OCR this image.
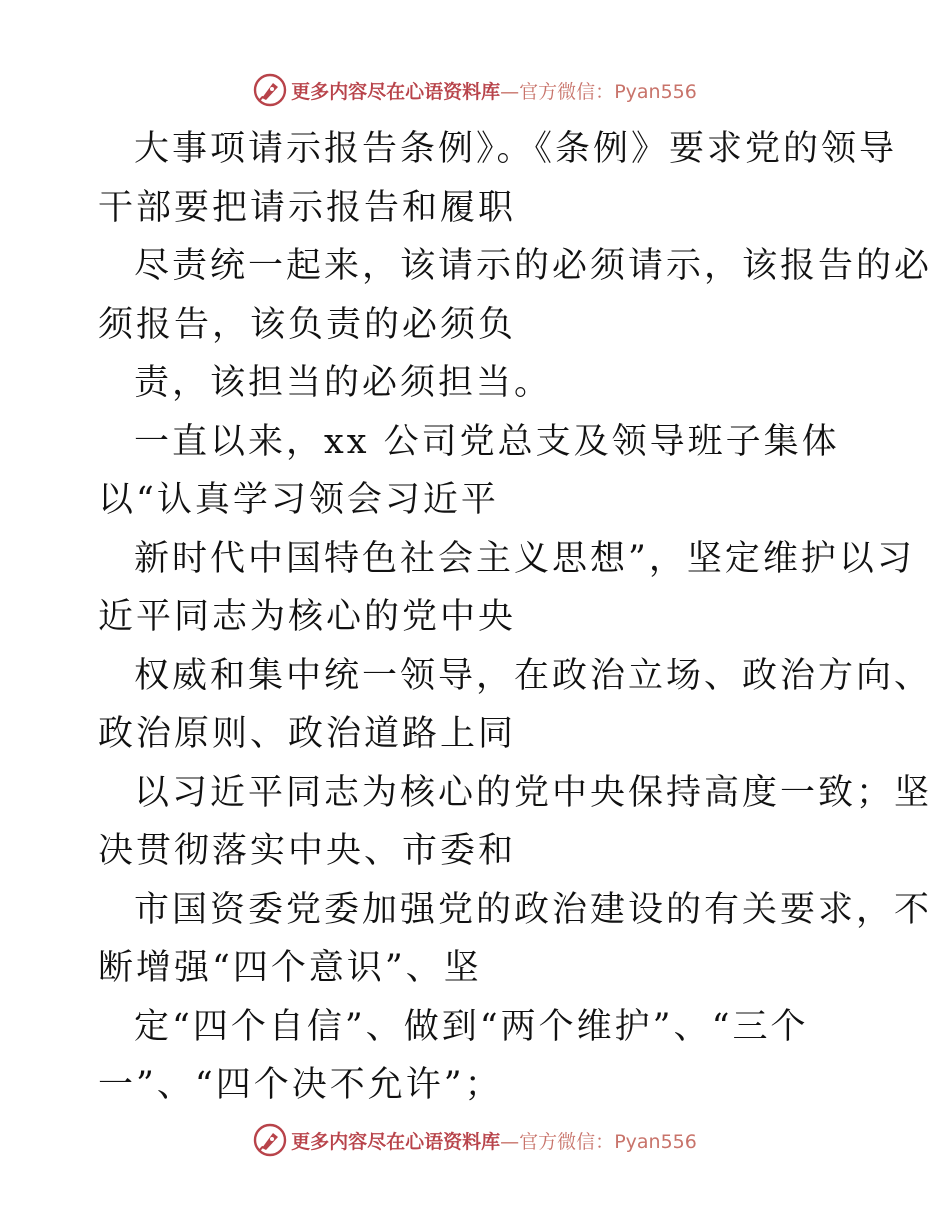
更多内容尽在心语资料库—官方微信：Pyan556
大事项请示报告条例》。《条例》要求党的领导
干部要把请示报告和履职
尽责统一起来，该请示的必须请示，该报告的必
须报告，该负责的必须负
责，该担当的必须担当。
一直以来，xx 公司党总支及领导班子集体
以“认真学习领会习近平
新时代中国特色社会主义思想”，坚定维护以习
近平同志为核心的党中央
权威和集中统一领导，在政治立场、政治方向、
政治原则、政治道路上同
以习近平同志为核心的党中央保持高度一致；坚
决贯彻落实中央、市委和
市国资委党委加强党的政治建设的有关要求，不
断增强“四个意识”、坚
定“四个自信”、做到“两个维护”、“三个
一”、“四个决不允许”；
更多内容尽在心语资料库—官方微信：Pyan556
